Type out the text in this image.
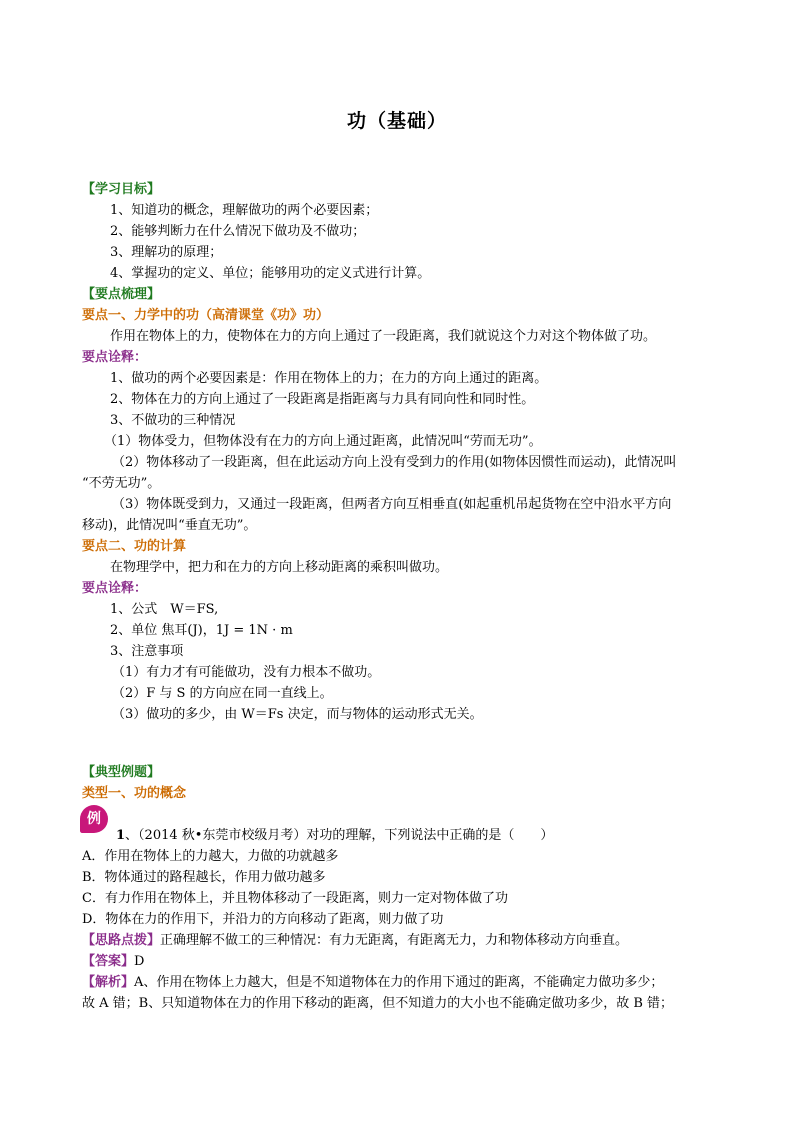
功（基础）
【学习目标】
1、知道功的概念，理解做功的两个必要因素；
2、能够判断力在什么情况下做功及不做功；
3、理解功的原理；
4、掌握功的定义、单位；能够用功的定义式进行计算。
【要点梳理】
要点一、力学中的功（高清课堂《功》功）
作用在物体上的力，使物体在力的方向上通过了一段距离，我们就说这个力对这个物体做了功。
要点诠释：
1、做功的两个必要因素是：作用在物体上的力；在力的方向上通过的距离。
2、物体在力的方向上通过了一段距离是指距离与力具有同向性和同时性。
3、不做功的三种情况
（1）物体受力，但物体没有在力的方向上通过距离，此情况叫“劳而无功”。
（2）物体移动了一段距离，但在此运动方向上没有受到力的作用(如物体因惯性而运动)，此情况叫
“不劳无功”。
（3）物体既受到力，又通过一段距离，但两者方向互相垂直(如起重机吊起货物在空中沿水平方向
移动)，此情况叫“垂直无功”。
要点二、功的计算
在物理学中，把力和在力的方向上移动距离的乘积叫做功。
要点诠释：
1、公式　W＝FS,
2、单位 焦耳(J)，1J = 1N · m
3、注意事项
（1）有力才有可能做功，没有力根本不做功。
（2）F 与 S 的方向应在同一直线上。
（3）做功的多少，由 W＝Fs 决定，而与物体的运动形式无关。
【典型例题】
类型一、功的概念
例
1、（2014 秋•东莞市校级月考）对功的理解，下列说法中正确的是（　　）
A．作用在物体上的力越大，力做的功就越多
B．物体通过的路程越长，作用力做功越多
C．有力作用在物体上，并且物体移动了一段距离，则力一定对物体做了功
D．物体在力的作用下，并沿力的方向移动了距离，则力做了功
【思路点拨】正确理解不做工的三种情况：有力无距离，有距离无力，力和物体移动方向垂直。
【答案】D
【解析】A、作用在物体上力越大，但是不知道物体在力的作用下通过的距离，不能确定力做功多少；
故 A 错；B、只知道物体在力的作用下移动的距离，但不知道力的大小也不能确定做功多少，故 B 错；
